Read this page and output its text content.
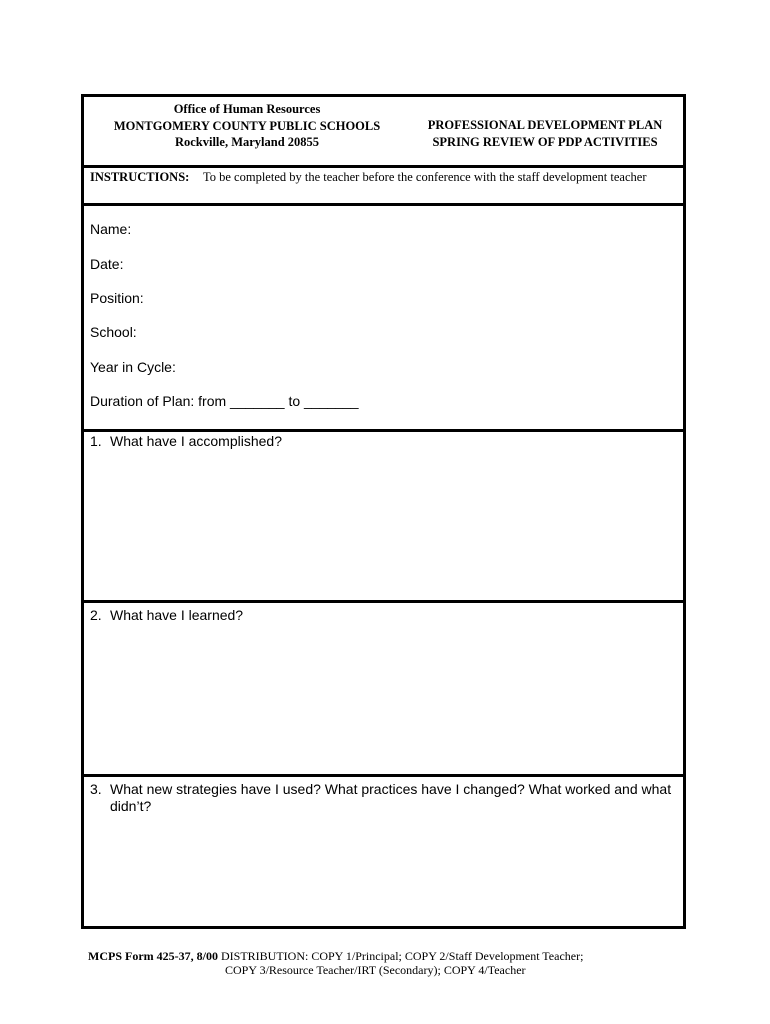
Office of Human Resources
MONTGOMERY COUNTY PUBLIC SCHOOLS
Rockville, Maryland 20855
PROFESSIONAL DEVELOPMENT PLAN
SPRING REVIEW OF PDP ACTIVITIES
INSTRUCTIONS: To be completed by the teacher before the conference with the staff development teacher
Name:
Date:
Position:
School:
Year in Cycle:
Duration of Plan: from _______ to _______
1. What have I accomplished?
2. What have I learned?
3. What new strategies have I used? What practices have I changed? What worked and what didn’t?
MCPS Form 425-37, 8/00 DISTRIBUTION: COPY 1/Principal; COPY 2/Staff Development Teacher;
COPY 3/Resource Teacher/IRT (Secondary); COPY 4/Teacher
